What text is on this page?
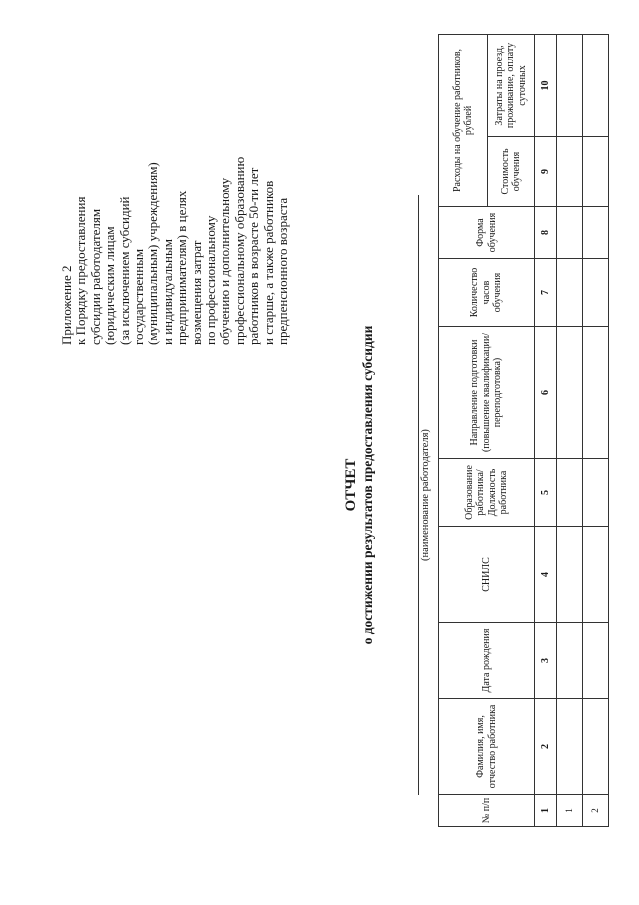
Приложение 2 к Порядку предоставления субсидии работодателям (юридическим лицам (за исключением субсидий государственным (муниципальным) учреждениям) и индивидуальным предпринимателям) в целях возмещения затрат по профессиональному обучению и дополнительному профессиональному образованию работников в возрасте 50-ти лет и старше, а также работников предпенсионного возраста
ОТЧЕТ о достижении результатов предоставления субсидии	(наименование работодателя)
№ п/п	Фамилия, имя, отчество работника	Дата рождения	СНИЛС	Образование работника/ Должность работника	Направление подготовки (повышение квалификации/переподготовка)	Количество часов обучения	Форма обучения	Расходы на обучение работников, рублей	
								Стоимость обучения	Затраты на проезд, проживание, оплату суточных
1	2	3	4	5	6	7	8	9	10
1									
2									
